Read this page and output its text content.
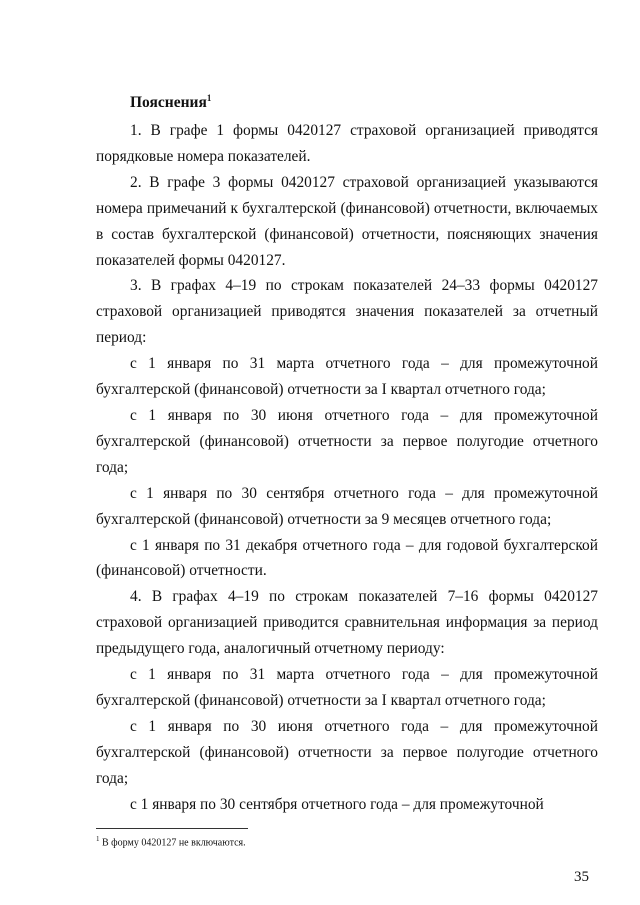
Пояснения$^1$

1. В графе 1 формы 0420127 страховой организацией приводятся порядковые номера показателей.

2. В графе 3 формы 0420127 страховой организацией указываются номера примечаний к бухгалтерской (финансовой) отчетности, включаемых в состав бухгалтерской (финансовой) отчетности, поясняющих значения показателей формы 0420127.

3. В графах 4–19 по строкам показателей 24–33 формы 0420127 страховой организацией приводятся значения показателей за отчетный период:

с 1 января по 31 марта отчетного года – для промежуточной бухгалтерской (финансовой) отчетности за I квартал отчетного года;

с 1 января по 30 июня отчетного года – для промежуточной бухгалтерской (финансовой) отчетности за первое полугодие отчетного года;

с 1 января по 30 сентября отчетного года – для промежуточной бухгалтерской (финансовой) отчетности за 9 месяцев отчетного года;

с 1 января по 31 декабря отчетного года – для годовой бухгалтерской (финансовой) отчетности.

4. В графах 4–19 по строкам показателей 7–16 формы 0420127 страховой организацией приводится сравнительная информация за период предыдущего года, аналогичный отчетному периоду:

с 1 января по 31 марта отчетного года – для промежуточной бухгалтерской (финансовой) отчетности за I квартал отчетного года;

с 1 января по 30 июня отчетного года – для промежуточной бухгалтерской (финансовой) отчетности за первое полугодие отчетного года;

с 1 января по 30 сентября отчетного года – для промежуточной

$^1$ В форму 0420127 не включаются.
35
